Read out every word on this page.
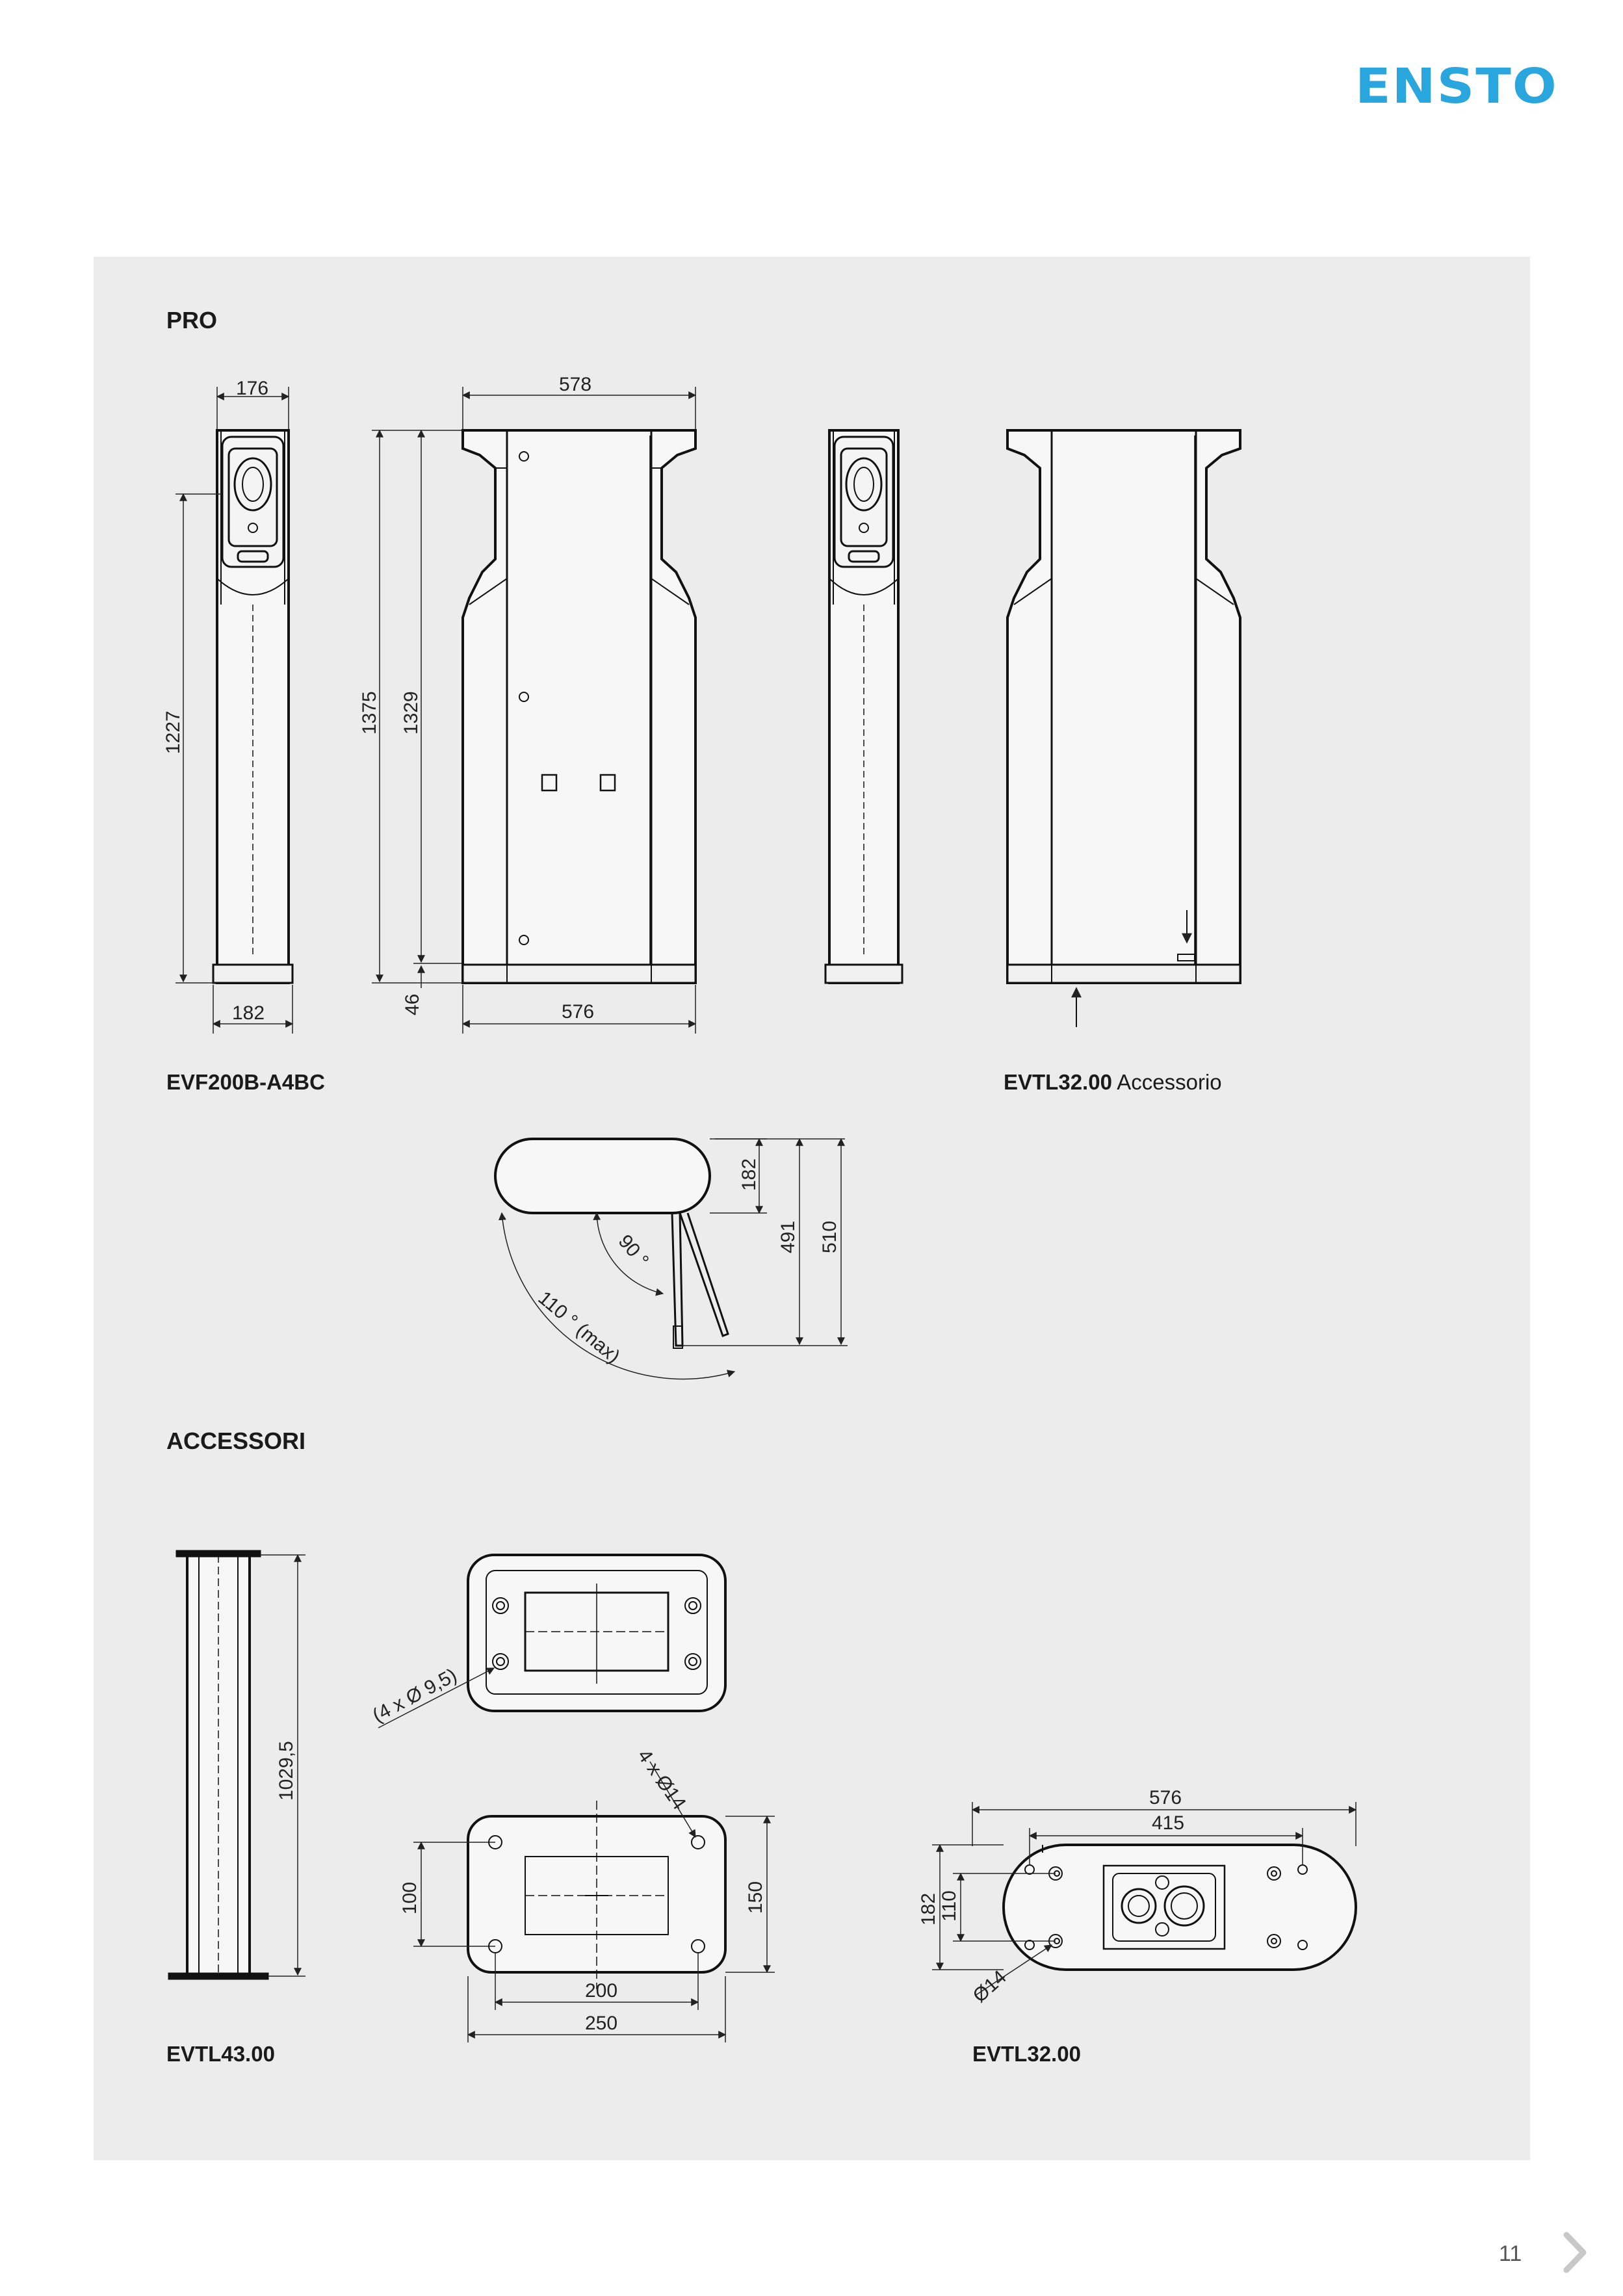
ENSTO
PRO
ACCESSORI
EVF200B-A4BC	EVTL32.00 Accessorio
EVTL43.00	EVTL32.00
176
1227
182
578
1375 1329
46	576
182
491 510
90 °
110 ° (max)
1029,5
(4 x Ø 9,5)
100	150
200
250
4 x Ø14	576
415
182 110
Ø14
11
